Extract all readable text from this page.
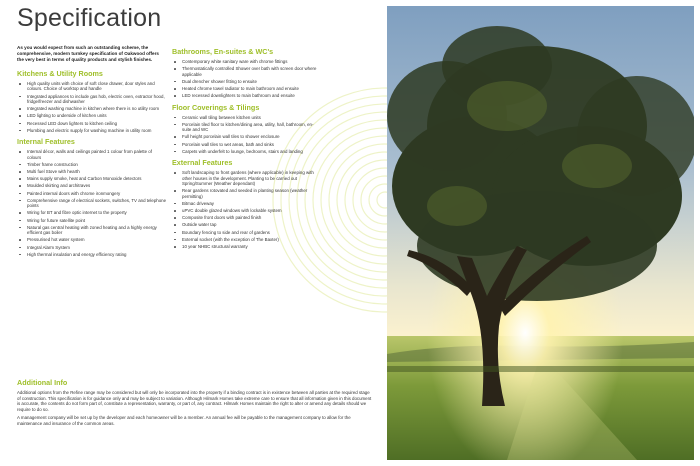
Specification

As you would expect from such an outstanding scheme, the comprehensive, modern turnkey specification of Oakwood offers the very best in terms of quality products and stylish finishes.

Kitchens & Utility Rooms
High quality units with choice of soft close drawer, door styles and colours. Choice of worktop and handle
Integrated appliances to include gas hob, electric oven, extractor hood, fridge/freezer and dishwasher
Integrated washing machine in kitchen where there is no utility room
LED lighting to underside of kitchen units
Recessed LED down lighters to kitchen ceiling
Plumbing and electric supply for washing machine in utility room
Internal Features
Internal décor, walls and ceilings painted 1 colour from palette of colours
Timber frame construction
Multi fuel Stove with hearth
Mains supply smoke, heat and Carbon Monoxide detectors
Moulded skirting and architraves
Painted internal doors with chrome ironmongery
Comprehensive range of electrical sockets, switches, TV and telephone points
Wiring for BT and fibre optic internet to the property
Wiring for future satellite point
Natural gas central heating with zoned heating and a highly energy efficient gas boiler
Pressurised hot water system
Integral Alarm System
High thermal insulation and energy efficiency rating
Bathrooms, En-suites & WC's
Contemporary white sanitary ware with chrome fittings
Thermostatically controlled Shower over bath with screen door where applicable
Dual drencher shower fitting to ensuite
Heated chrome towel radiator to main bathroom and ensuite
LED recessed downlighters to main bathroom and ensuite
Floor Coverings & Tilings
Ceramic wall tiling between kitchen units
Porcelain tiled floor to kitchen/dining area, utility, hall, bathroom, en-suite and WC
Full height porcelain wall tiles to shower enclosure
Porcelain wall tiles to wet areas, bath and sinks
Carpets with underfelt to lounge, bedrooms, stairs and landing
External Features
Soft landscaping to front gardens (where applicable) in keeping with other houses in the development. Planting to be carried out Spring/Summer (Weather dependant)
Rear gardens rotovated and seeded in planting season (weather permitting)
Bitmac driveway
uPVC double glazed windows with lockable system
Composite front doors with painted finish
Outside water tap
Boundary fencing to side and rear of gardens
External socket (with the exception of The Baxter)
10 year NHBC structural warranty
Additional Info

Additional options from the Refine range may be considered but will only be incorporated into the property if a binding contract is in existence between all parties at the required stage of construction. This specification is for guidance only and may be subject to variation. Although Hilmark Homes take extreme care to ensure that all information given in this document is accurate, the contents do not form part of, constitute a representation, warranty, or part of, any contract. Hilmark Homes maintain the right to alter or amend any details should we require to do so.

A management company will be set up by the developer and each homeowner will be a member. An annual fee will be payable to the management company to allow for the maintenance and insurance of the common areas.
